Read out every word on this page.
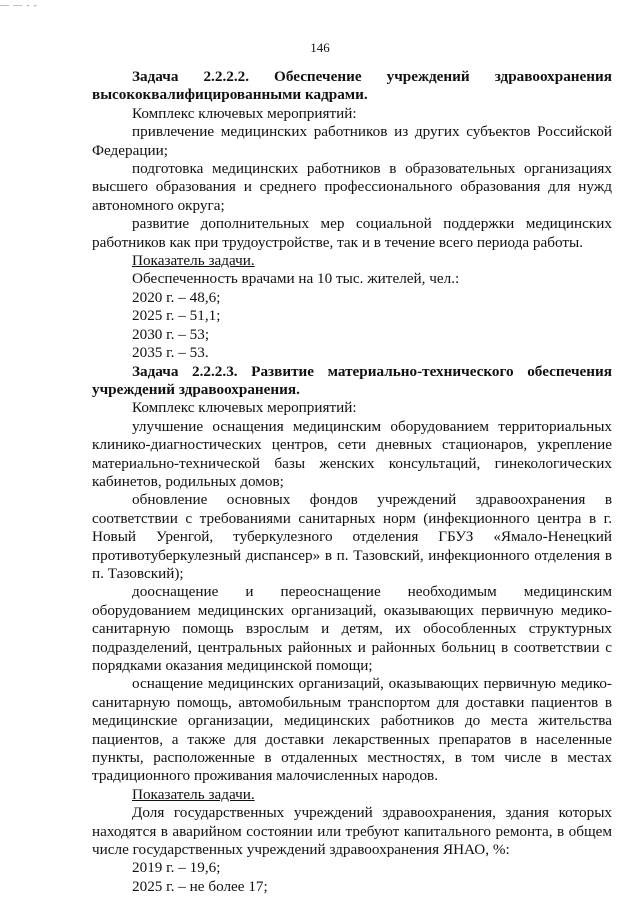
— — - -
146

Задача 2.2.2.2. Обеспечение учреждений здравоохранения высококвалифицированными кадрами.

Комплекс ключевых мероприятий:

привлечение медицинских работников из других субъектов Российской Федерации;

подготовка медицинских работников в образовательных организациях высшего образования и среднего профессионального образования для нужд автономного округа;

развитие дополнительных мер социальной поддержки медицинских работников как при трудоустройстве, так и в течение всего периода работы.

Показатель задачи.

Обеспеченность врачами на 10 тыс. жителей, чел.:

2020 г. – 48,6;

2025 г. – 51,1;

2030 г. – 53;

2035 г. – 53.

Задача 2.2.2.3. Развитие материально-технического обеспечения учреждений здравоохранения.

Комплекс ключевых мероприятий:

улучшение оснащения медицинским оборудованием территориальных клинико-диагностических центров, сети дневных стационаров, укрепление материально-технической базы женских консультаций, гинекологических кабинетов, родильных домов;

обновление основных фондов учреждений здравоохранения в соответствии с требованиями санитарных норм (инфекционного центра в г. Новый Уренгой, туберкулезного отделения ГБУЗ «Ямало-Ненецкий противотуберкулезный диспансер» в п. Тазовский, инфекционного отделения в п. Тазовский);

дооснащение и переоснащение необходимым медицинским оборудованием медицинских организаций, оказывающих первичную медико-санитарную помощь взрослым и детям, их обособленных структурных подразделений, центральных районных и районных больниц в соответствии с порядками оказания медицинской помощи;

оснащение медицинских организаций, оказывающих первичную медико-санитарную помощь, автомобильным транспортом для доставки пациентов в медицинские организации, медицинских работников до места жительства пациентов, а также для доставки лекарственных препаратов в населенные пункты, расположенные в отдаленных местностях, в том числе в местах традиционного проживания малочисленных народов.

Показатель задачи.

Доля государственных учреждений здравоохранения, здания которых находятся в аварийном состоянии или требуют капитального ремонта, в общем числе государственных учреждений здравоохранения ЯНАО, %:

2019 г. – 19,6;

2025 г. – не более 17;
